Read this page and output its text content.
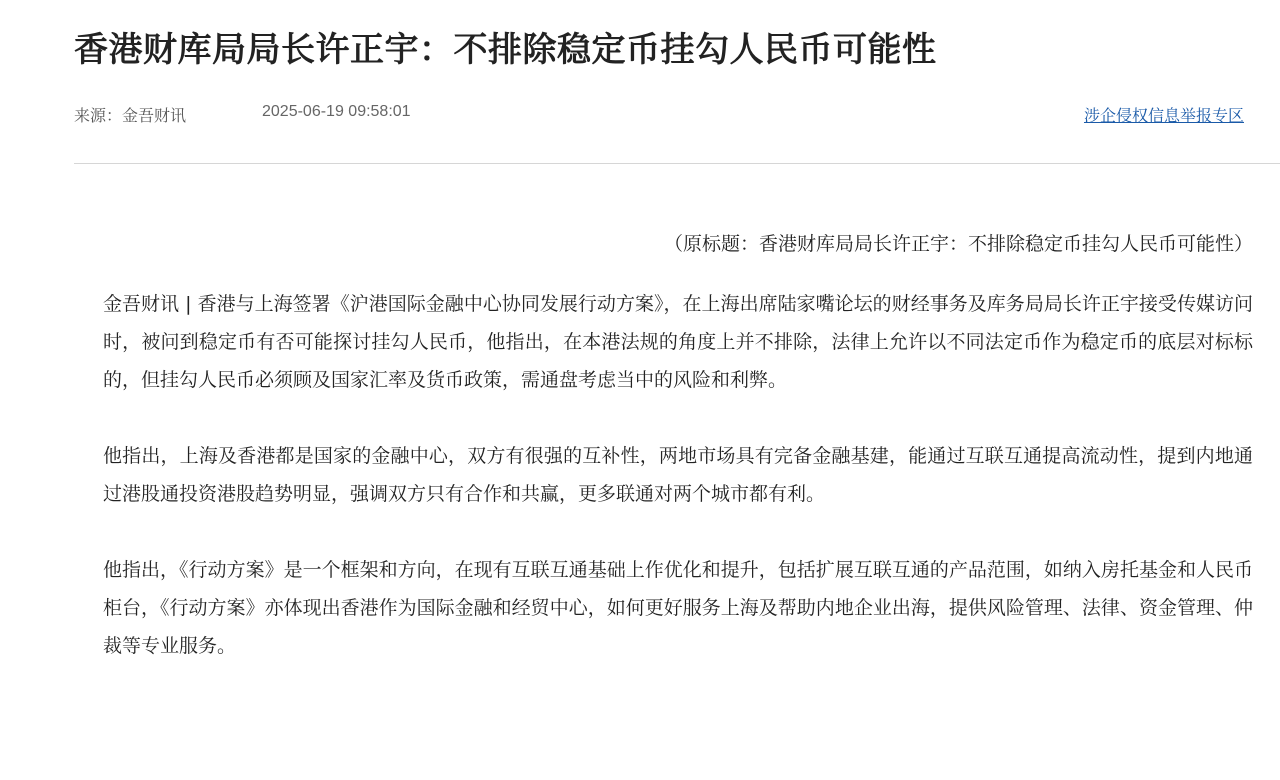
香港财库局局长许正宇：不排除稳定币挂勾人民币可能性
来源：金吾财讯	2025-06-19 09:58:01	涉企侵权信息举报专区

（原标题：香港财库局局长许正宇：不排除稳定币挂勾人民币可能性）

金吾财讯 | 香港与上海签署《沪港国际金融中心协同发展行动方案》，在上海出席陆家嘴论坛的财经事务及库务局局长许正宇接受传媒访问时，被问到稳定币有否可能探讨挂勾人民币，他指出，在本港法规的角度上并不排除，法律上允许以不同法定币作为稳定币的底层对标标的，但挂勾人民币必须顾及国家汇率及货币政策，需通盘考虑当中的风险和利弊。

他指出，上海及香港都是国家的金融中心，双方有很强的互补性，两地市场具有完备金融基建，能通过互联互通提高流动性，提到内地通过港股通投资港股趋势明显，强调双方只有合作和共赢，更多联通对两个城市都有利。

他指出，《行动方案》是一个框架和方向，在现有互联互通基础上作优化和提升，包括扩展互联互通的产品范围，如纳入房托基金和人民币柜台，《行动方案》亦体现出香港作为国际金融和经贸中心，如何更好服务上海及帮助内地企业出海，提供风险管理、法律、资金管理、仲裁等专业服务。
